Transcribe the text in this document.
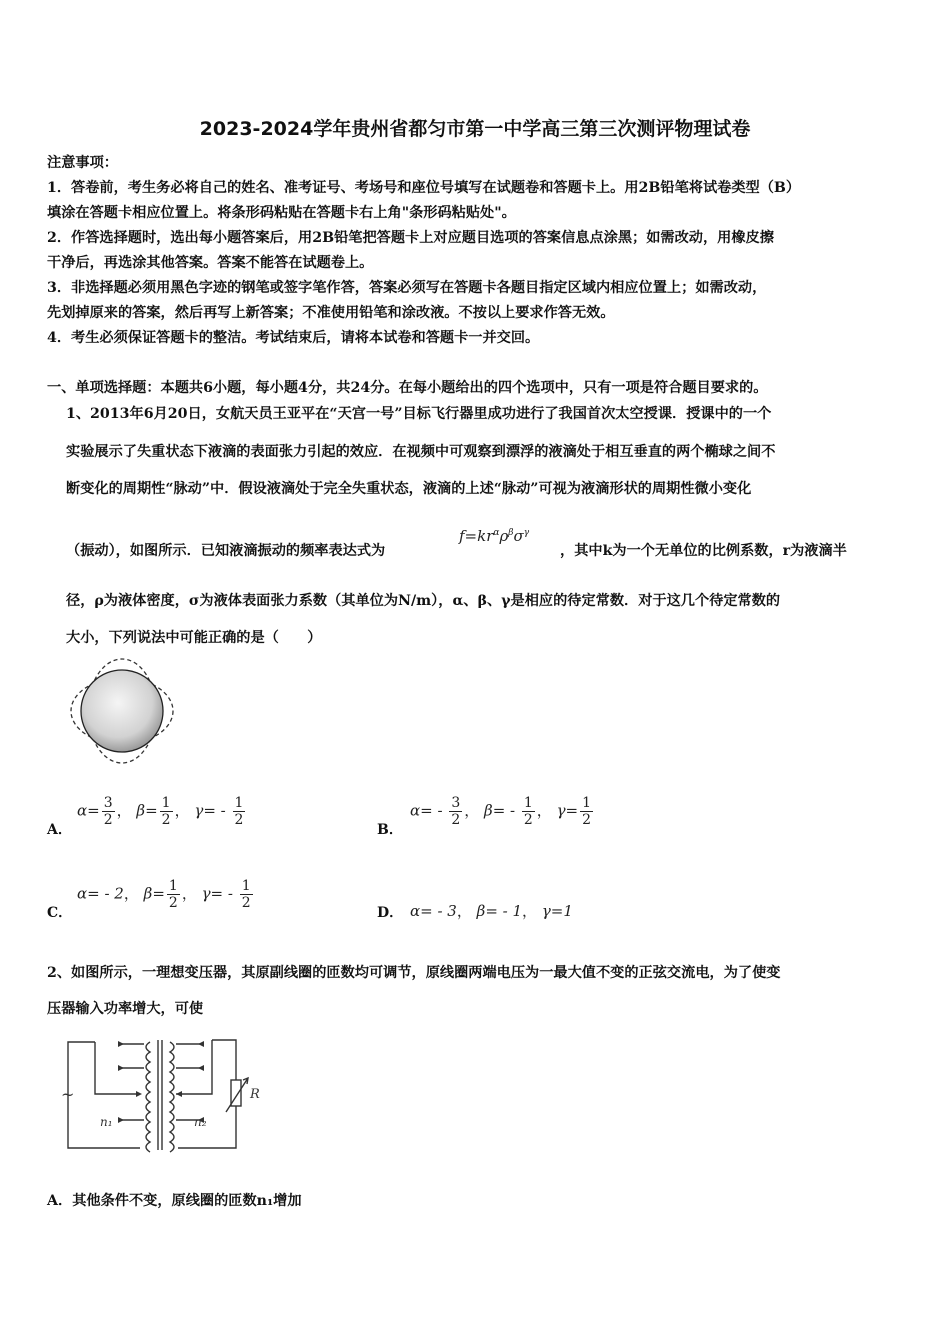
2023-2024学年贵州省都匀市第一中学高三第三次测评物理试卷
注意事项：
1．答卷前，考生务必将自己的姓名、准考证号、考场号和座位号填写在试题卷和答题卡上。用2B铅笔将试卷类型（B）
填涂在答题卡相应位置上。将条形码粘贴在答题卡右上角"条形码粘贴处"。
2．作答选择题时，选出每小题答案后，用2B铅笔把答题卡上对应题目选项的答案信息点涂黑；如需改动，用橡皮擦
干净后，再选涂其他答案。答案不能答在试题卷上。
3．非选择题必须用黑色字迹的钢笔或签字笔作答，答案必须写在答题卡各题目指定区域内相应位置上；如需改动，
先划掉原来的答案，然后再写上新答案；不准使用铅笔和涂改液。不按以上要求作答无效。
4．考生必须保证答题卡的整洁。考试结束后，请将本试卷和答题卡一并交回。
一、单项选择题：本题共6小题，每小题4分，共24分。在每小题给出的四个选项中，只有一项是符合题目要求的。
1、2013年6月20日，女航天员王亚平在“天宫一号”目标飞行器里成功进行了我国首次太空授课．授课中的一个
实验展示了失重状态下液滴的表面张力引起的效应．在视频中可观察到漂浮的液滴处于相互垂直的两个椭球之间不
断变化的周期性“脉动”中．假设液滴处于完全失重状态，液滴的上述“脉动”可视为液滴形状的周期性微小变化
（振动），如图所示．已知液滴振动的频率表达式为
$f=kr^\alpha\rho^\beta\sigma^\gamma$
，其中k为一个无单位的比例系数，r为液滴半
径，ρ为液体密度，σ为液体表面张力系数（其单位为N/m），α、β、γ是相应的待定常数．对于这几个待定常数的
大小，下列说法中可能正确的是（　　）
A．
$\alpha= \frac{3}{2}$ ， $\beta= \frac{1}{2}$ ， $\gamma= - \frac{1}{2}$
B．
$\alpha= - \frac{3}{2}$ ， $\beta= - \frac{1}{2}$ ， $\gamma= \frac{1}{2}$
C．
α= - 2， $\beta= \frac{1}{2}$ ， $\gamma= - \frac{1}{2}$
D． α= - 3， β= - 1， γ=1
2、如图所示，一理想变压器，其原副线圈的匝数均可调节，原线圈两端电压为一最大值不变的正弦交流电，为了使变
压器输入功率增大，可使
~
n₁	n₂
R
A．其他条件不变，原线圈的匝数n₁增加
